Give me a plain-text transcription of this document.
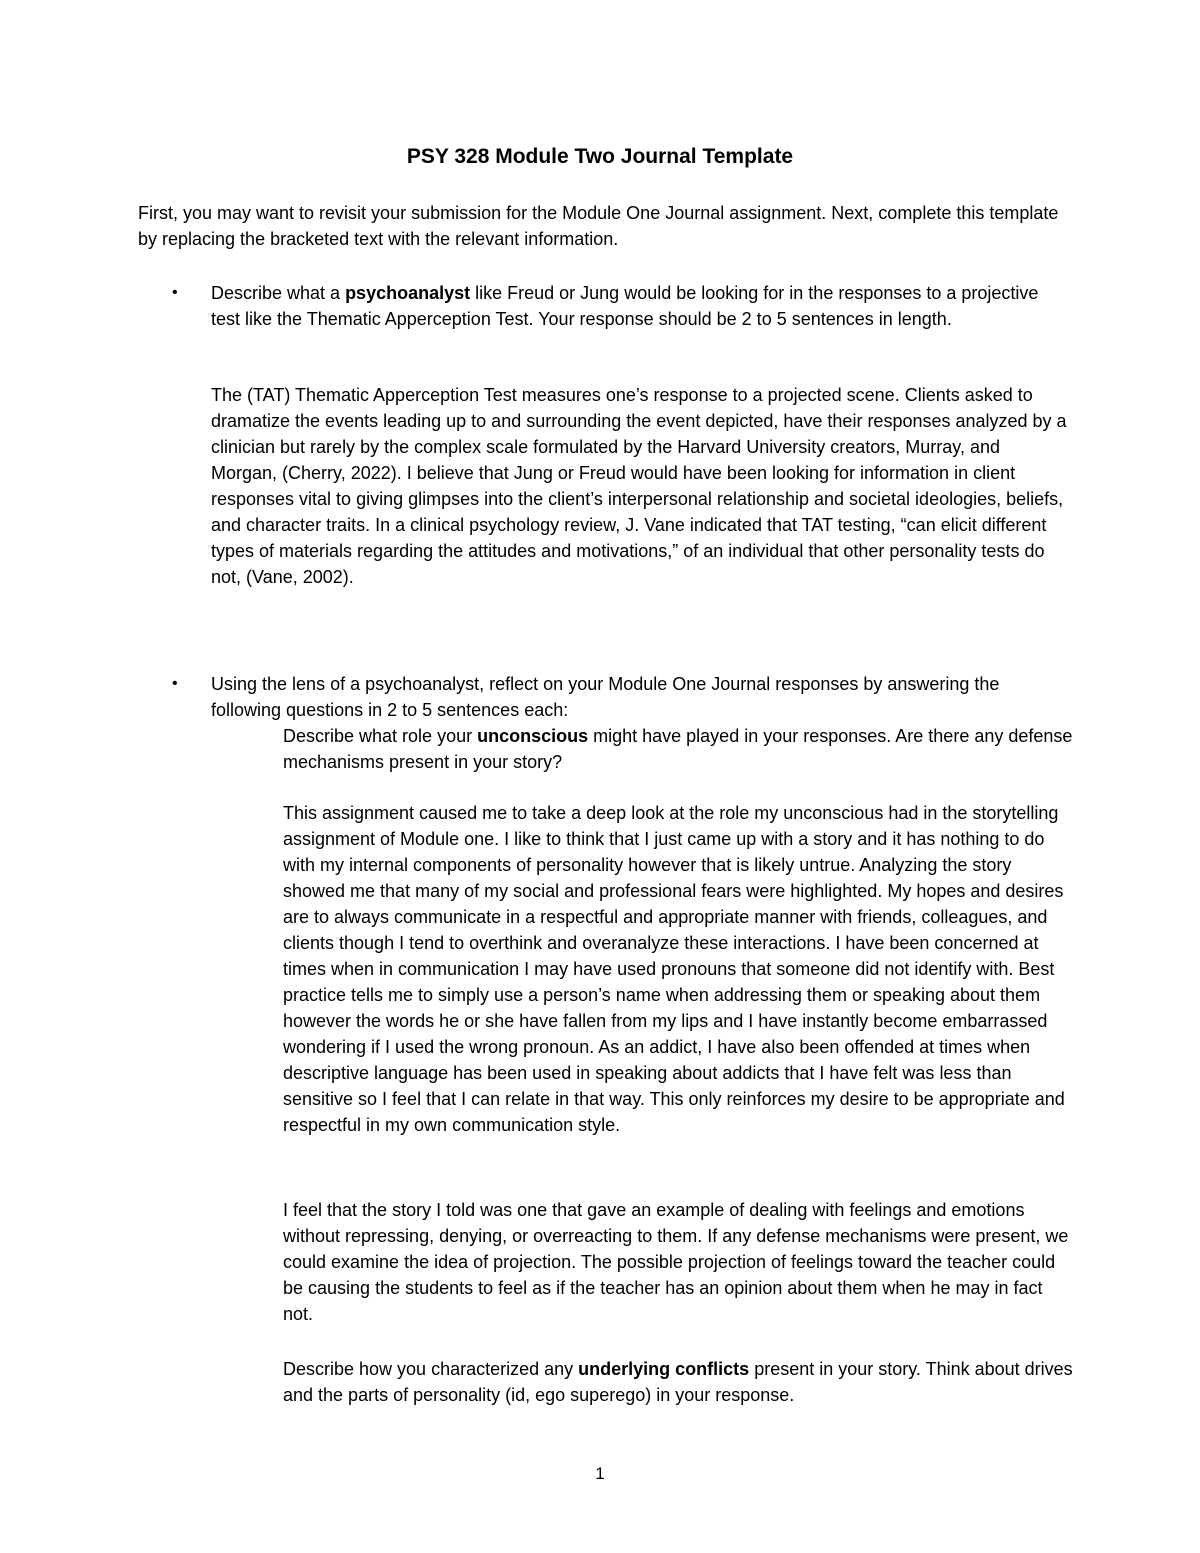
PSY 328 Module Two Journal Template

First, you may want to revisit your submission for the Module One Journal assignment. Next, complete this template by replacing the bracketed text with the relevant information.

• Describe what a psychoanalyst like Freud or Jung would be looking for in the responses to a projective test like the Thematic Apperception Test. Your response should be 2 to 5 sentences in length.

The (TAT) Thematic Apperception Test measures one’s response to a projected scene. Clients asked to dramatize the events leading up to and surrounding the event depicted, have their responses analyzed by a clinician but rarely by the complex scale formulated by the Harvard University creators, Murray, and Morgan, (Cherry, 2022). I believe that Jung or Freud would have been looking for information in client responses vital to giving glimpses into the client’s interpersonal relationship and societal ideologies, beliefs, and character traits. In a clinical psychology review, J. Vane indicated that TAT testing, “can elicit different types of materials regarding the attitudes and motivations,” of an individual that other personality tests do not, (Vane, 2002).

• Using the lens of a psychoanalyst, reflect on your Module One Journal responses by answering the following questions in 2 to 5 sentences each:

Describe what role your unconscious might have played in your responses. Are there any defense mechanisms present in your story?

This assignment caused me to take a deep look at the role my unconscious had in the storytelling assignment of Module one. I like to think that I just came up with a story and it has nothing to do with my internal components of personality however that is likely untrue. Analyzing the story showed me that many of my social and professional fears were highlighted. My hopes and desires are to always communicate in a respectful and appropriate manner with friends, colleagues, and clients though I tend to overthink and overanalyze these interactions. I have been concerned at times when in communication I may have used pronouns that someone did not identify with. Best practice tells me to simply use a person’s name when addressing them or speaking about them however the words he or she have fallen from my lips and I have instantly become embarrassed wondering if I used the wrong pronoun. As an addict, I have also been offended at times when descriptive language has been used in speaking about addicts that I have felt was less than sensitive so I feel that I can relate in that way. This only reinforces my desire to be appropriate and respectful in my own communication style.

I feel that the story I told was one that gave an example of dealing with feelings and emotions without repressing, denying, or overreacting to them. If any defense mechanisms were present, we could examine the idea of projection. The possible projection of feelings toward the teacher could be causing the students to feel as if the teacher has an opinion about them when he may in fact not.

Describe how you characterized any underlying conflicts present in your story. Think about drives and the parts of personality (id, ego superego) in your response.

1
